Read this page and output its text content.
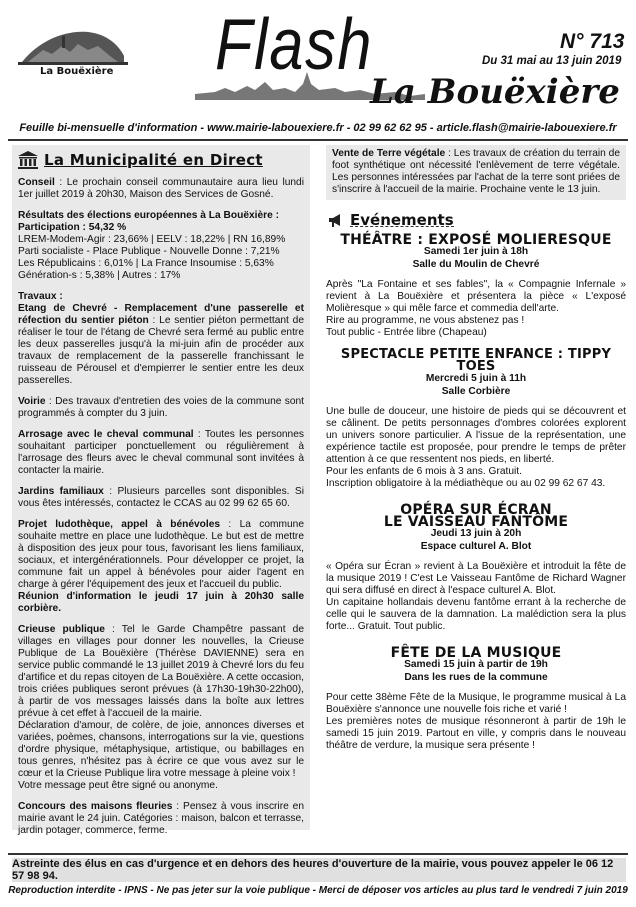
La Bouëxière Flash
La Bouëxière
N° 713
Du 31 mai au 13 juin 2019
Feuille bi-mensuelle d'information - www.mairie-labouexiere.fr - 02 99 62 62 95 - article.flash@mairie-labouexiere.fr
La Municipalité en Direct
Conseil : Le prochain conseil communautaire aura lieu lundi 1er juillet 2019 à 20h30, Maison des Services de Gosné.
Résultats des élections européennes à La Bouëxière :
Participation : 54,32 %
LREM-Modem-Agir : 23,66% | EELV : 18,22% | RN 16,89%
Parti socialiste - Place Publique - Nouvelle Donne : 7,21%
Les Républicains : 6,01% | La France Insoumise : 5,63%
Génération-s : 5,38% | Autres : 17%
Travaux :
Etang de Chevré - Remplacement d'une passerelle et réfection du sentier piéton : Le sentier piéton permettant de réaliser le tour de l'étang de Chevré sera fermé au public entre les deux passerelles jusqu'à la mi-juin afin de procéder aux travaux de remplacement de la passerelle franchissant le ruisseau de Pérousel et d'empierrer le sentier entre les deux passerelles.
Voirie : Des travaux d'entretien des voies de la commune sont programmés à compter du 3 juin.
Arrosage avec le cheval communal : Toutes les personnes souhaitant participer ponctuellement ou régulièrement à l'arrosage des fleurs avec le cheval communal sont invitées à contacter la mairie.
Jardins familiaux : Plusieurs parcelles sont disponibles. Si vous êtes intéressés, contactez le CCAS au 02 99 62 65 60.
Projet ludothèque, appel à bénévoles : La commune souhaite mettre en place une ludothèque. Le but est de mettre à disposition des jeux pour tous, favorisant les liens familiaux, sociaux, et intergénérationnels. Pour développer ce projet, la commune fait un appel à bénévoles pour aider l'agent en charge à gérer l'équipement des jeux et l'accueil du public.
Réunion d'information le jeudi 17 juin à 20h30 salle corbière.
Crieuse publique : Tel le Garde Champêtre passant de villages en villages pour donner les nouvelles, la Crieuse Publique de La Bouëxière (Thérèse DAVIENNE) sera en service public commandé le 13 juillet 2019 à Chevré lors du feu d'artifice et du repas citoyen de La Bouëxière. A cette occasion, trois criées publiques seront prévues (à 17h30-19h30-22h00), à partir de vos messages laissés dans la boîte aux lettres prévue à cet effet à l'accueil de la mairie.
Déclaration d'amour, de colère, de joie, annonces diverses et variées, poèmes, chansons, interrogations sur la vie, questions d'ordre physique, métaphysique, artistique, ou babillages en tous genres, n'hésitez pas à écrire ce que vous avez sur le cœur et la Crieuse Publique lira votre message à pleine voix !
Votre message peut être signé ou anonyme.
Concours des maisons fleuries : Pensez à vous inscrire en mairie avant le 24 juin. Catégories : maison, balcon et terrasse, jardin potager, commerce, ferme.
Vente de Terre végétale : Les travaux de création du terrain de foot synthétique ont nécessité l'enlèvement de terre végétale. Les personnes intéressées par l'achat de la terre sont priées de s'inscrire à l'accueil de la mairie. Prochaine vente le 13 juin.
Evénements
THÉÂTRE : EXPOSÉ MOLIERESQUE
Samedi 1er juin à 18h
Salle du Moulin de Chevré

Après "La Fontaine et ses fables", la « Compagnie Infernale » revient à La Bouëxière et présentera la pièce « L'exposé Molièresque » qui mêle farce et commedia dell'arte.

Rire au programme, ne vous abstenez pas !

Tout public - Entrée libre (Chapeau)

SPECTACLE PETITE ENFANCE : TIPPY TOES
Mercredi 5 juin à 11h
Salle Corbière

Une bulle de douceur, une histoire de pieds qui se découvrent et se câlinent. De petits personnages d'ombres colorées explorent un univers sonore particulier. A l'issue de la représentation, une expérience tactile est proposée, pour prendre le temps de prêter attention à ce que ressentent nos pieds, en liberté.

Pour les enfants de 6 mois à 3 ans. Gratuit.

Inscription obligatoire à la médiathèque ou au 02 99 62 67 43.

OPÉRA SUR ÉCRAN
LE VAISSEAU FANTÔME
Jeudi 13 juin à 20h
Espace culturel A. Blot

« Opéra sur Écran » revient à La Bouëxière et introduit la fête de la musique 2019 ! C'est Le Vaisseau Fantôme de Richard Wagner qui sera diffusé en direct à l'espace culturel A. Blot.

Un capitaine hollandais devenu fantôme errant à la recherche de celle qui le sauvera de la damnation. La malédiction sera la plus forte... Gratuit. Tout public.

FÊTE DE LA MUSIQUE
Samedi 15 juin à partir de 19h
Dans les rues de la commune

Pour cette 38ème Fête de la Musique, le programme musical à La Bouëxière s'annonce une nouvelle fois riche et varié !

Les premières notes de musique résonneront à partir de 19h le samedi 15 juin 2019. Partout en ville, y compris dans le nouveau théâtre de verdure, la musique sera présente !

Astreinte des élus en cas d'urgence et en dehors des heures d'ouverture de la mairie, vous pouvez appeler le 06 12 57 98 94.
Reproduction interdite - IPNS - Ne pas jeter sur la voie publique - Merci de déposer vos articles au plus tard le vendredi 7 juin 2019
